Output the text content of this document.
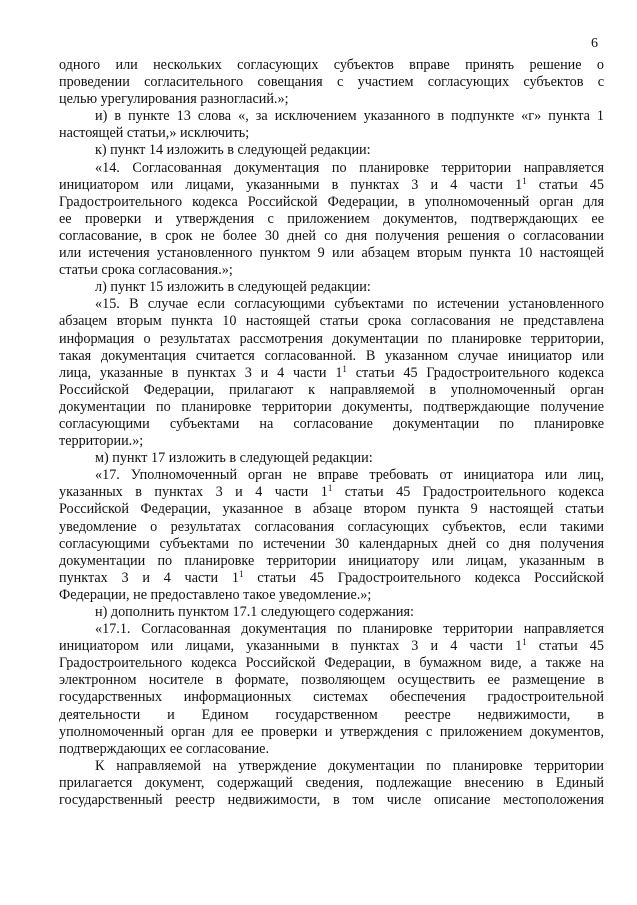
6
одного или нескольких согласующих субъектов вправе принять решение о
проведении согласительного совещания с участием согласующих субъектов с
целью урегулирования разногласий.»;
и) в пункте 13 слова «, за исключением указанного в подпункте «г» пункта 1
настоящей статьи,» исключить;
к) пункт 14 изложить в следующей редакции:
«14. Согласованная документация по планировке территории направляется
инициатором или лицами, указанными в пунктах 3 и 4 части $1^1$ статьи 45
Градостроительного кодекса Российской Федерации, в уполномоченный орган для
ее проверки и утверждения с приложением документов, подтверждающих ее
согласование, в срок не более 30 дней со дня получения решения о согласовании
или истечения установленного пунктом 9 или абзацем вторым пункта 10 настоящей
статьи срока согласования.»;
л) пункт 15 изложить в следующей редакции:
«15. В случае если согласующими субъектами по истечении установленного
абзацем вторым пункта 10 настоящей статьи срока согласования не представлена
информация о результатах рассмотрения документации по планировке территории,
такая документация считается согласованной. В указанном случае инициатор или
лица, указанные в пунктах 3 и 4 части $1^1$ статьи 45 Градостроительного кодекса
Российской Федерации, прилагают к направляемой в уполномоченный орган
документации по планировке территории документы, подтверждающие получение
согласующими субъектами на согласование документации по планировке
территории.»;
м) пункт 17 изложить в следующей редакции:
«17. Уполномоченный орган не вправе требовать от инициатора или лиц,
указанных в пунктах 3 и 4 части $1^1$ статьи 45 Градостроительного кодекса
Российской Федерации, указанное в абзаце втором пункта 9 настоящей статьи
уведомление о результатах согласования согласующих субъектов, если такими
согласующими субъектами по истечении 30 календарных дней со дня получения
документации по планировке территории инициатору или лицам, указанным в
пунктах 3 и 4 части $1^1$ статьи 45 Градостроительного кодекса Российской
Федерации, не предоставлено такое уведомление.»;
н) дополнить пунктом 17.1 следующего содержания:
«17.1. Согласованная документация по планировке территории направляется
инициатором или лицами, указанными в пунктах 3 и 4 части $1^1$ статьи 45
Градостроительного кодекса Российской Федерации, в бумажном виде, а также на
электронном носителе в формате, позволяющем осуществить ее размещение в
государственных информационных системах обеспечения градостроительной
деятельности и Едином государственном реестре недвижимости, в
уполномоченный орган для ее проверки и утверждения с приложением документов,
подтверждающих ее согласование.
К направляемой на утверждение документации по планировке территории
прилагается документ, содержащий сведения, подлежащие внесению в Единый
государственный реестр недвижимости, в том числе описание местоположения
